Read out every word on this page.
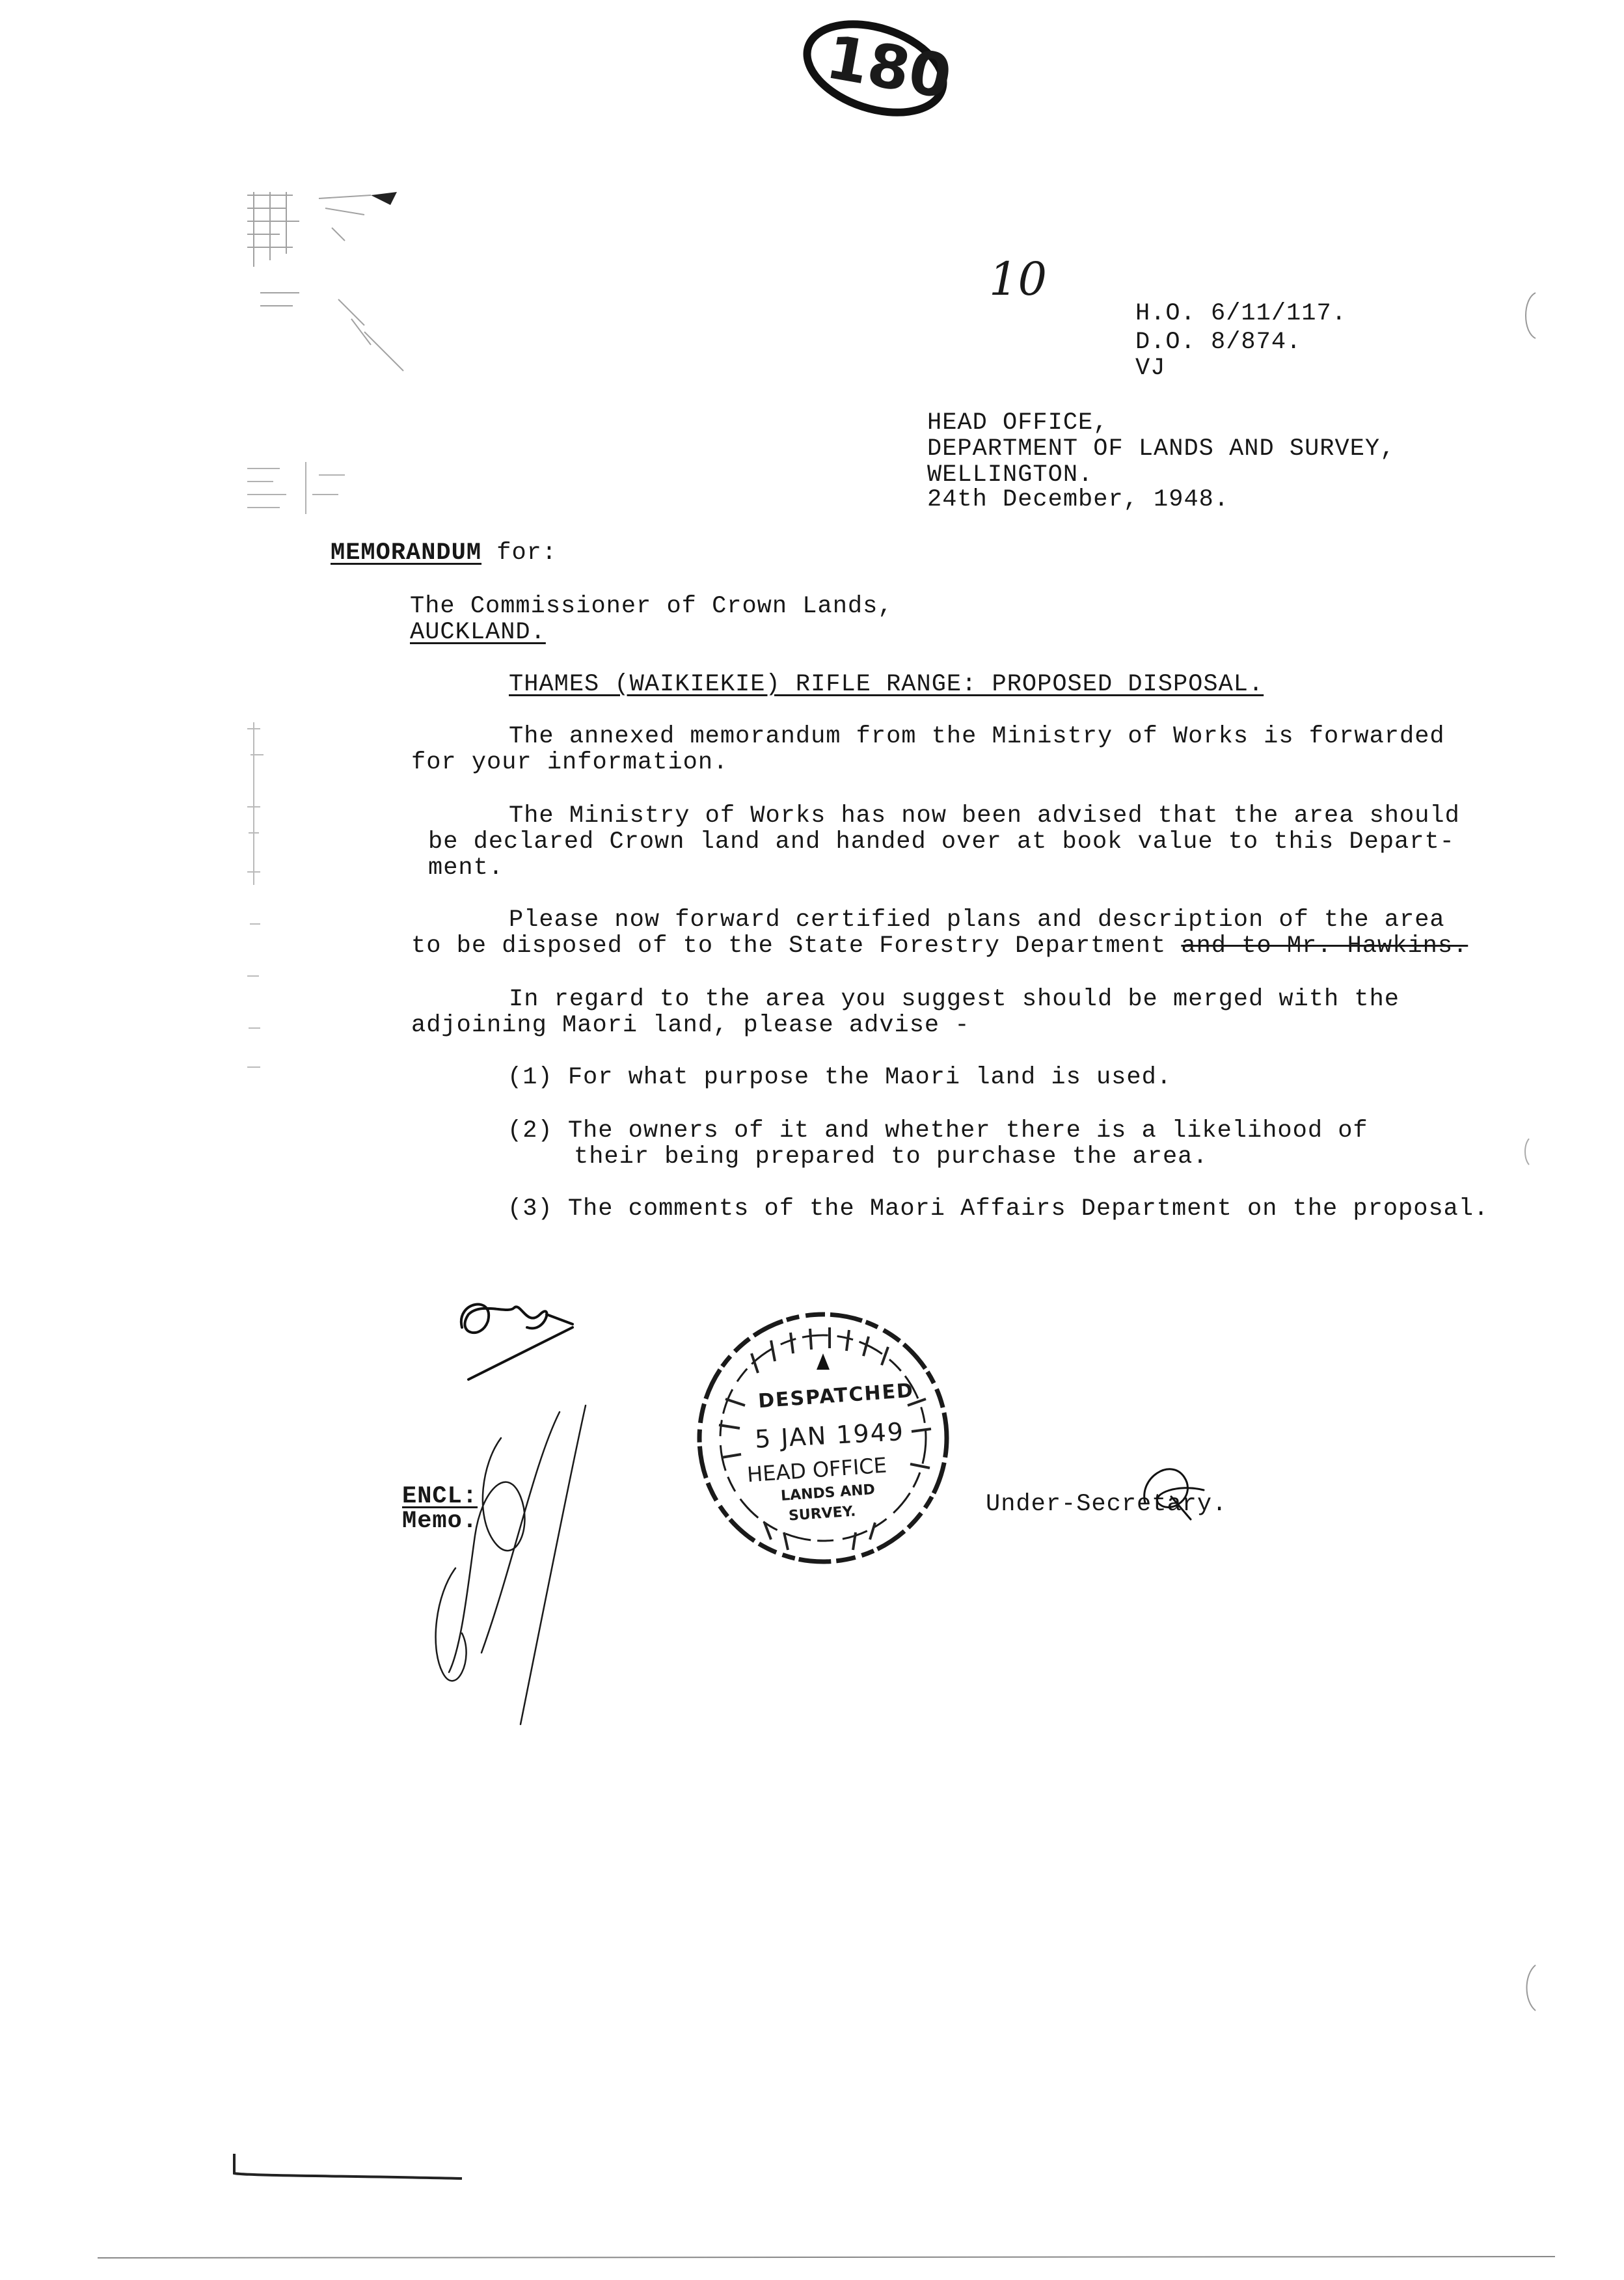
180
10
H.O. 6/11/117.
D.O. 8/874.
VJ
HEAD OFFICE,
DEPARTMENT OF LANDS AND SURVEY,
WELLINGTON.
24th December, 1948.
MEMORANDUM for:
The Commissioner of Crown Lands,
AUCKLAND.
THAMES (WAIKIEKIE) RIFLE RANGE: PROPOSED DISPOSAL.
The annexed memorandum from the Ministry of Works is forwarded
for your information.
The Ministry of Works has now been advised that the area should
be declared Crown land and handed over at book value to this Depart-
ment.
Please now forward certified plans and description of the area
to be disposed of to the State Forestry Department and to Mr. Hawkins.
In regard to the area you suggest should be merged with the
adjoining Maori land, please advise -
(1) For what purpose the Maori land is used.
(2) The owners of it and whether there is a likelihood of
their being prepared to purchase the area.
(3) The comments of the Maori Affairs Department on the proposal.
ENCL:
Memo.
DESPATCHED
5 JAN 1949
HEAD OFFICE
LANDS AND
SURVEY.	Under-Secretary.
